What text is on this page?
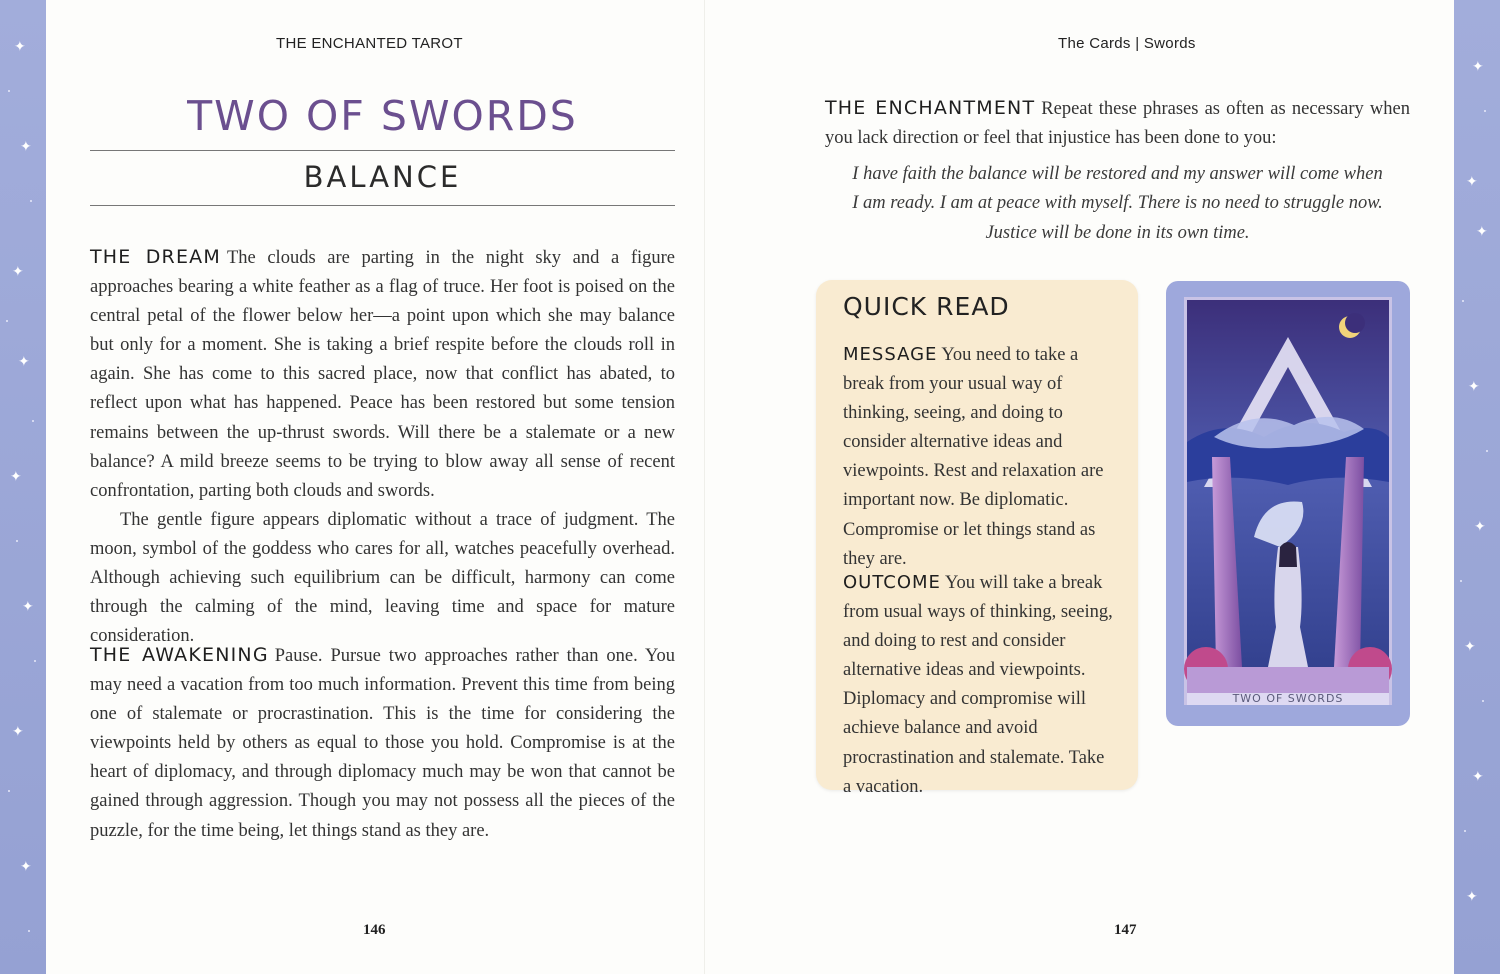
✦
✦
✦
✦
✦
✦
✦
✦
✦
✦
✦
✦
✦
✦
✦
✦
THE ENCHANTED TAROT
TWO OF SWORDS
BALANCE

THE DREAM The clouds are parting in the night sky and a figure approaches bearing a white feather as a flag of truce. Her foot is poised on the central petal of the flower below her—a point upon which she may balance but only for a moment. She is taking a brief respite before the clouds roll in again. She has come to this sacred place, now that conflict has abated, to reflect upon what has happened. Peace has been restored but some tension remains between the up-thrust swords. Will there be a stalemate or a new balance? A mild breeze seems to be trying to blow away all sense of recent confrontation, parting both clouds and swords.

The gentle figure appears diplomatic without a trace of judgment. The moon, symbol of the goddess who cares for all, watches peacefully overhead. Although achieving such equilibrium can be difficult, harmony can come through the calming of the mind, leaving time and space for mature consideration.

THE AWAKENING Pause. Pursue two approaches rather than one. You may need a vacation from too much information. Prevent this time from being one of stalemate or procrastination. This is the time for considering the viewpoints held by others as equal to those you hold. Compromise is at the heart of diplomacy, and through diplomacy much may be won that cannot be gained through aggression. Though you may not possess all the pieces of the puzzle, for the time being, let things stand as they are.

146
The Cards | Swords

THE ENCHANTMENT Repeat these phrases as often as necessary when you lack direction or feel that injustice has been done to you:

I have faith the balance will be restored and my answer will come when I am ready. I am at peace with myself. There is no need to struggle now. Justice will be done in its own time.

QUICK READ

MESSAGE You need to take a break from your usual way of thinking, seeing, and doing to consider alternative ideas and viewpoints. Rest and relaxation are important now. Be diplomatic. Compromise or let things stand as they are.

OUTCOME You will take a break from usual ways of thinking, seeing, and doing to rest and consider alternative ideas and viewpoints. Diplomacy and compromise will achieve balance and avoid procrastination and stalemate. Take a vacation.

TWO OF SWORDS
147
